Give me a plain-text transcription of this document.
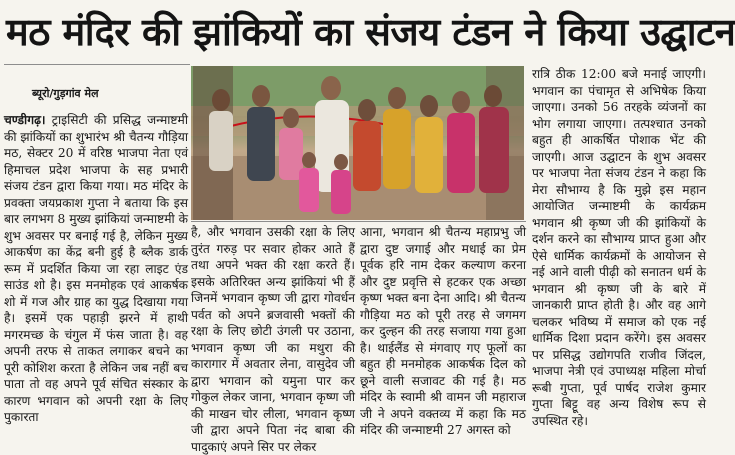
मठ मंदिर की झांकियों का संजय टंडन ने किया उद्घाटन
ब्यूरो/गुड़गांव मेल

चण्डीगढ़। ट्राइसिटी की प्रसिद्ध जन्माष्टमी की झांकियों का शुभारंभ श्री चैतन्य गौड़िया मठ, सेक्टर 20 में वरिष्ठ भाजपा नेता एवं हिमाचल प्रदेश भाजपा के सह प्रभारी संजय टंडन द्वारा किया गया। मठ मंदिर के प्रवक्ता जयप्रकाश गुप्ता ने बताया कि इस बार लगभग 8 मुख्य झांकियां जन्माष्टमी के शुभ अवसर पर बनाई गई है, लेकिन मुख्य आकर्षण का केंद्र बनी हुई है ब्लैक डार्क रूम में प्रदर्शित किया जा रहा लाइट एंड साउंड शो है। इस मनमोहक एवं आकर्षक शो में गज और ग्राह का युद्ध दिखाया गया है। इसमें एक पहाड़ी झरने में हाथी मगरमच्छ के चंगुल में फंस जाता है। वह अपनी तरफ से ताकत लगाकर बचने का पूरी कोशिश करता है लेकिन जब नहीं बच पाता तो वह अपने पूर्व संचित संस्कार के कारण भगवान को अपनी रक्षा के लिए पुकारता

है, और भगवान उसकी रक्षा के लिए तुरंत गरुड़ पर सवार होकर आते हैं तथा अपने भक्त की रक्षा करते हैं। इसके अतिरिक्त अन्य झांकियां भी हैं जिनमें भगवान कृष्ण जी द्वारा गोवर्धन पर्वत को अपने ब्रजवासी भक्तों की रक्षा के लिए छोटी उंगली पर उठाना, भगवान कृष्ण जी का मथुरा की कारागार में अवतार लेना, वासुदेव जी द्वारा भगवान को यमुना पार कर गोकुल लेकर जाना, भगवान कृष्ण जी की माखन चोर लीला, भगवान कृष्ण जी द्वारा अपने पिता नंद बाबा की पादुकाएं अपने सिर पर लेकर

आना, भगवान श्री चैतन्य महाप्रभु जी द्वारा दुष्ट जगाई और मधाई का प्रेम पूर्वक हरि नाम देकर कल्याण करना और दुष्ट प्रवृत्ति से हटकर एक अच्छा कृष्ण भक्त बना देना आदि। श्री चैतन्य गौड़िया मठ को पूरी तरह से जगमग कर दुल्हन की तरह सजाया गया हुआ है। थाईलैंड से मंगवाए गए फूलों का बहुत ही मनमोहक आकर्षक दिल को छूने वाली सजावट की गई है। मठ मंदिर के स्वामी श्री वामन जी महाराज जी ने अपने वक्तव्य में कहा कि मठ मंदिर की जन्माष्टमी 27 अगस्त को

रात्रि ठीक 12:00 बजे मनाई जाएगी। भगवान का पंचामृत से अभिषेक किया जाएगा। उनको 56 तरहके व्यंजनों का भोग लगाया जाएगा। तत्पश्चात उनको बहुत ही आकर्षित पोशाक भेंट की जाएगी। आज उद्घाटन के शुभ अवसर पर भाजपा नेता संजय टंडन ने कहा कि मेरा सौभाग्य है कि मुझे इस महान आयोजित जन्माष्टमी के कार्यक्रम भगवान श्री कृष्ण जी की झांकियों के दर्शन करने का सौभाग्य प्राप्त हुआ और ऐसे धार्मिक कार्यक्रमों के आयोजन से नई आने वाली पीढ़ी को सनातन धर्म के भगवान श्री कृष्ण जी के बारे में जानकारी प्राप्त होती है। और वह आगे चलकर भविष्य में समाज को एक नई धार्मिक दिशा प्रदान करेंगे। इस अवसर पर प्रसिद्ध उद्योगपति राजीव जिंदल, भाजपा नेत्री एवं उपाध्यक्ष महिला मोर्चा रूबी गुप्ता, पूर्व पार्षद राजेश कुमार गुप्ता बिट्टू वह अन्य विशेष रूप से उपस्थित रहे।
